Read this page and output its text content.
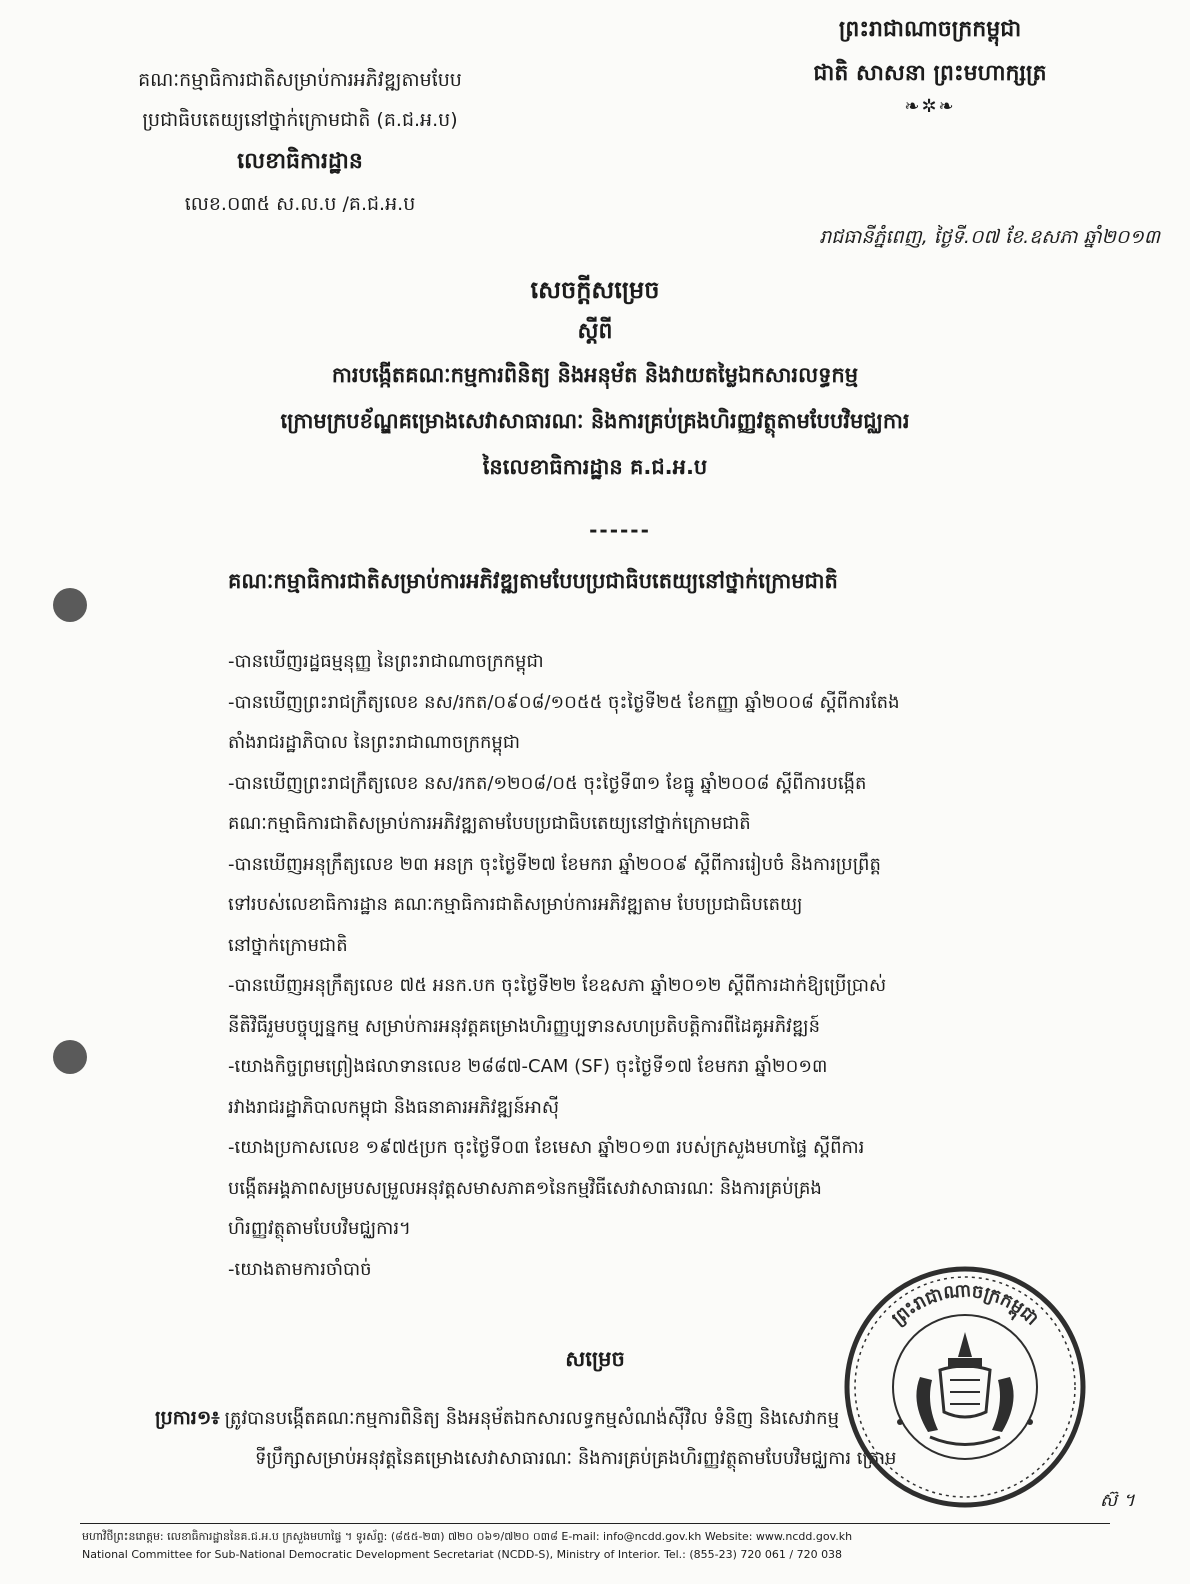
គណៈកម្មាធិការជាតិសម្រាប់ការអភិវឌ្ឍតាមបែប
ប្រជាធិបតេយ្យនៅថ្នាក់ក្រោមជាតិ (គ.ជ.អ.ប)
លេខាធិការដ្ឋាន
លេខ.០៣៥ ស.ល.ប /គ.ជ.អ.ប
ព្រះរាជាណាចក្រកម្ពុជា
ជាតិ សាសនា ព្រះមហាក្សត្រ
❧✲❧
រាជធានីភ្នំពេញ, ថ្ងៃទី.០៧ ខែ.ឧសភា ឆ្នាំ២០១៣
សេចក្តីសម្រេច
ស្តីពី
ការបង្កើតគណៈកម្មការពិនិត្យ និងអនុម័ត និងវាយតម្លៃឯកសារលទ្ធកម្ម
ក្រោមក្របខ័ណ្ឌគម្រោងសេវាសាធារណៈ និងការគ្រប់គ្រងហិរញ្ញវត្ថុតាមបែបវិមជ្ឈការ
នៃលេខាធិការដ្ឋាន គ.ជ.អ.ប
------
គណៈកម្មាធិការជាតិសម្រាប់ការអភិវឌ្ឍតាមបែបប្រជាធិបតេយ្យនៅថ្នាក់ក្រោមជាតិ
-បានឃើញរដ្ឋធម្មនុញ្ញ នៃព្រះរាជាណាចក្រកម្ពុជា
-បានឃើញព្រះរាជក្រឹត្យលេខ នស/រកត/០៩០៨/១០៥៥ ចុះថ្ងៃទី២៥ ខែកញ្ញា ឆ្នាំ២០០៨ ស្តីពីការតែង
តាំងរាជរដ្ឋាភិបាល នៃព្រះរាជាណាចក្រកម្ពុជា
-បានឃើញព្រះរាជក្រឹត្យលេខ នស/រកត/១២០៨/០៥ ចុះថ្ងៃទី៣១ ខែធ្នូ ឆ្នាំ២០០៨ ស្តីពីការបង្កើត
គណៈកម្មាធិការជាតិសម្រាប់ការអភិវឌ្ឍតាមបែបប្រជាធិបតេយ្យនៅថ្នាក់ក្រោមជាតិ
-បានឃើញអនុក្រឹត្យលេខ ២៣ អនក្រ ចុះថ្ងៃទី២៧ ខែមករា ឆ្នាំ២០០៩ ស្តីពីការរៀបចំ និងការប្រព្រឹត្ត
ទៅរបស់លេខាធិការដ្ឋាន គណៈកម្មាធិការជាតិសម្រាប់ការអភិវឌ្ឍតាម បែបប្រជាធិបតេយ្យ
នៅថ្នាក់ក្រោមជាតិ
-បានឃើញអនុក្រឹត្យលេខ ៧៥ អនក.បក ចុះថ្ងៃទី២២ ខែឧសភា ឆ្នាំ២០១២ ស្តីពីការដាក់ឱ្យប្រើប្រាស់
នីតិវិធីរួមបច្ចុប្បន្នកម្ម សម្រាប់ការអនុវត្តគម្រោងហិរញ្ញប្បទានសហប្រតិបត្តិការពីដៃគូអភិវឌ្ឍន៍
-យោងកិច្ចព្រមព្រៀងផលាទានលេខ ២៨៨៧-CAM (SF) ចុះថ្ងៃទី១៧ ខែមករា ឆ្នាំ២០១៣
រវាងរាជរដ្ឋាភិបាលកម្ពុជា និងធនាគារអភិវឌ្ឍន៍អាស៊ី
-យោងប្រកាសលេខ ១៩៧៥ប្រក ចុះថ្ងៃទី០៣ ខែមេសា ឆ្នាំ២០១៣ របស់ក្រសួងមហាផ្ទៃ ស្តីពីការ
បង្កើតអង្គភាពសម្របសម្រួលអនុវត្តសមាសភាគ១នៃកម្មវិធីសេវាសាធារណៈ និងការគ្រប់គ្រង
ហិរញ្ញវត្ថុតាមបែបវិមជ្ឈការ។
-យោងតាមការចាំបាច់
សម្រេច
ប្រការ១៖ ត្រូវបានបង្កើតគណៈកម្មការពិនិត្យ និងអនុម័តឯកសារលទ្ធកម្មសំណង់ស៊ីវិល ទំនិញ និងសេវាកម្ម
ទីប្រឹក្សាសម្រាប់អនុវត្តនៃគម្រោងសេវាសាធារណៈ និងការគ្រប់គ្រងហិរញ្ញវត្ថុតាមបែបវិមជ្ឈការ ក្រោម
ព្រះរាជាណាចក្រកម្ពុជា
ស៊ ។
មហាវិថីព្រះនរោត្តម: លេខាធិការដ្ឋាននៃគ.ជ.អ.ប ក្រសួងមហាផ្ទៃ ។ ទូរស័ព្ទ: (៨៥៥-២៣) ៧២០ ០៦១/៧២០ ០៣៨ E-mail: info@ncdd.gov.kh Website: www.ncdd.gov.kh
National Committee for Sub-National Democratic Development Secretariat (NCDD-S), Ministry of Interior. Tel.: (855-23) 720 061 / 720 038
